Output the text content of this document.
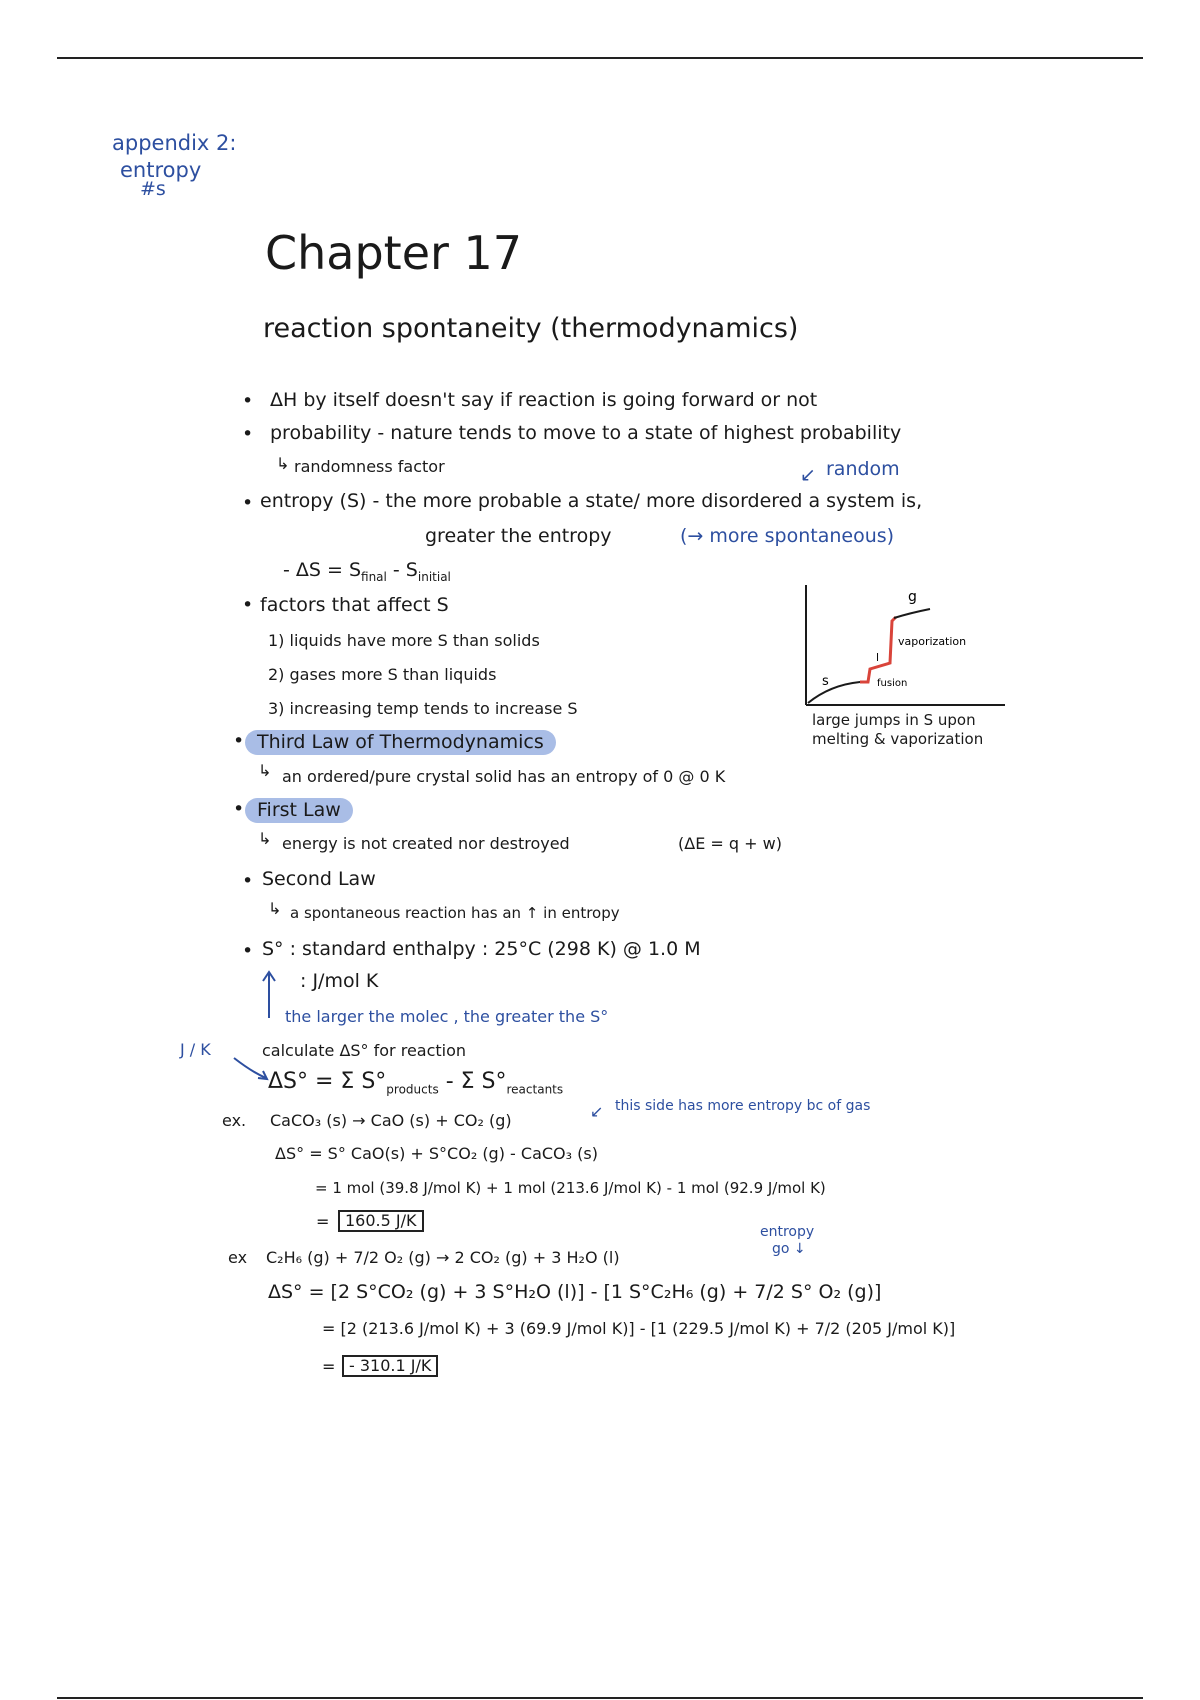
appendix 2:
entropy
#s
Chapter 17
reaction spontaneity (thermodynamics)
• ΔH by itself doesn't say if reaction is going forward or not
• probability - nature tends to move to a state of highest probability
↳ randomness factor	random
↙
• entropy (S) - the more probable a state/ more disordered a system is,
greater the entropy	(→ more spontaneous)
- $\Delta S = S_{final} - S_{initial}$
• factors that affect S
1) liquids have more S than solids
2) gases more S than liquids
3) increasing temp tends to increase S
s
l
g
vaporization
fusion
large jumps in S upon
melting & vaporization
• Third Law of Thermodynamics
↳ an ordered/pure crystal solid has an entropy of 0 @ 0 K
• First Law
↳ energy is not created nor destroyed	(ΔE = q + w)
• Second Law
↳ a spontaneous reaction has an ↑ in entropy
• S° : standard enthalpy : 25°C (298 K) @ 1.0 M
: J/mol K
the larger the molec , the greater the S°
J / K	calculate ΔS° for reaction
ΔS° = Σ $S^\circ_{products}$ - Σ $S^\circ_{reactants}$
ex. CaCO₃ (s) → CaO (s) + CO₂ (g)
this side has more entropy bc of gas
↙
ΔS° = S° CaO(s) + S°CO₂ (g) - CaCO₃ (s)
= 1 mol (39.8 J/mol K) + 1 mol (213.6 J/mol K) - 1 mol (92.9 J/mol K)
= 160.5 J/K
entropy
go ↓
ex C₂H₆ (g) + 7/2 O₂ (g) → 2 CO₂ (g) + 3 H₂O (l)
ΔS° = [2 S°CO₂ (g) + 3 S°H₂O (l)] - [1 S°C₂H₆ (g) + 7/2 S° O₂ (g)]
= [2 (213.6 J/mol K) + 3 (69.9 J/mol K)] - [1 (229.5 J/mol K) + 7/2 (205 J/mol K)]
= - 310.1 J/K
